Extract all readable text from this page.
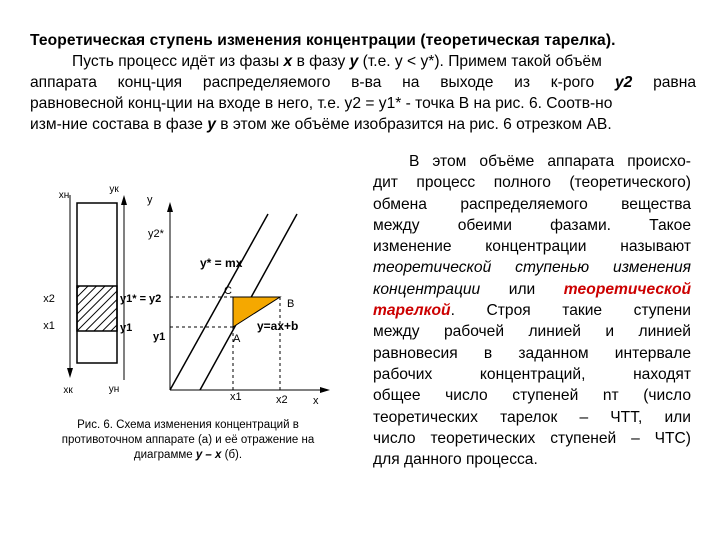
Теоретическая ступень изменения концентрации (теоретическая тарелка).
Пусть процесс идёт из фазы x в фазу y (т.е. y < y*). Примем такой объём
аппарата конц-ция распределяемого в-ва на выходе из к-рого y2 равна
равновесной конц-ции на входе в него, т.е. y2 = y1* - точка B на рис. 6. Соотв-но
изм-ние состава в фазе y в этом же объёме изобразится на рис. 6 отрезком AB.
xн
yк
x2
x1
xк	yн
y1* = y2
y1
y
x
y2*
y1
x1	x2
y* = mx
y=ax+b
A
B
C
Рис. 6. Схема изменения концентраций в
противоточном аппарате (а) и её отражение на
диаграмме y – x (б).
В этом объёме аппарата происхо-
дит процесс полного (теоретического)
обмена распределяемого вещества
между обеими фазами. Такое
изменение концентрации называют
теоретической ступенью изменения
концентрации или теоретической
тарелкой. Строя такие ступени
между рабочей линией и линией
равновесия в заданном интервале
рабочих концентраций, находят
общее число ступеней nт (число
теоретических тарелок – ЧТТ, или
число теоретических ступеней – ЧТС)
для данного процесса.
